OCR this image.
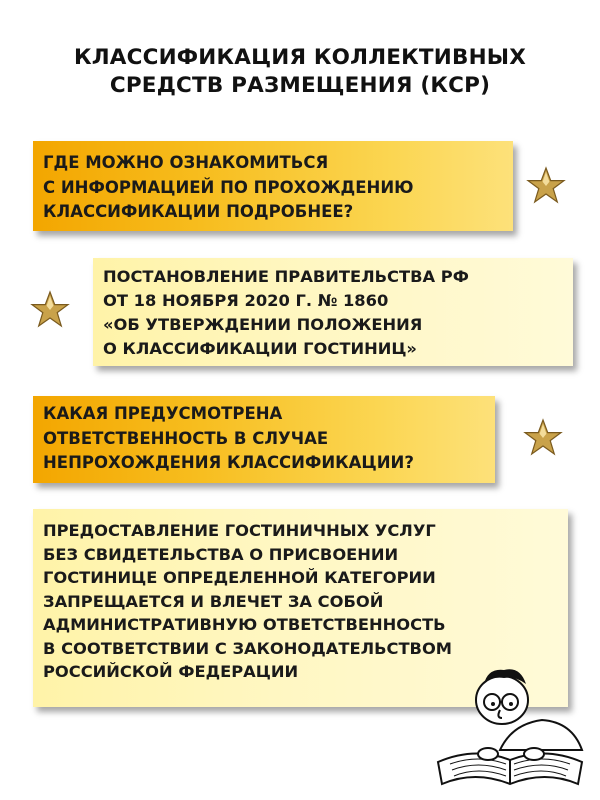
КЛАССИФИКАЦИЯ КОЛЛЕКТИВНЫХ
СРЕДСТВ РАЗМЕЩЕНИЯ (КСР)
ГДЕ МОЖНО ОЗНАКОМИТЬСЯ
С ИНФОРМАЦИЕЙ ПО ПРОХОЖДЕНИЮ
КЛАССИФИКАЦИИ ПОДРОБНЕЕ?
ПОСТАНОВЛЕНИЕ ПРАВИТЕЛЬСТВА РФ
ОТ 18 НОЯБРЯ 2020 Г. № 1860
«ОБ УТВЕРЖДЕНИИ ПОЛОЖЕНИЯ
О КЛАССИФИКАЦИИ ГОСТИНИЦ»
КАКАЯ ПРЕДУСМОТРЕНА
ОТВЕТСТВЕННОСТЬ В СЛУЧАЕ
НЕПРОХОЖДЕНИЯ КЛАССИФИКАЦИИ?
ПРЕДОСТАВЛЕНИЕ ГОСТИНИЧНЫХ УСЛУГ
БЕЗ СВИДЕТЕЛЬСТВА О ПРИСВОЕНИИ
ГОСТИНИЦЕ ОПРЕДЕЛЕННОЙ КАТЕГОРИИ
ЗАПРЕЩАЕТСЯ И ВЛЕЧЕТ ЗА СОБОЙ
АДМИНИСТРАТИВНУЮ ОТВЕТСТВЕННОСТЬ
В СООТВЕТСТВИИ С ЗАКОНОДАТЕЛЬСТВОМ
РОССИЙСКОЙ ФЕДЕРАЦИИ
